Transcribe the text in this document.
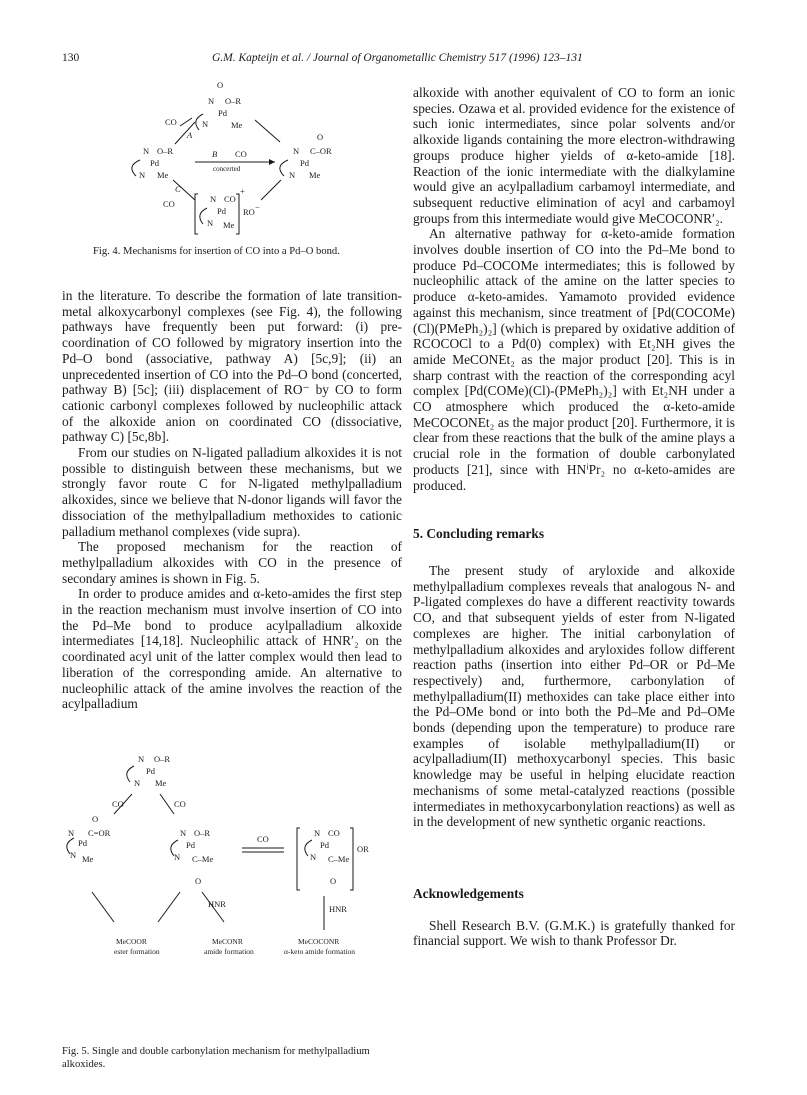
130	G.M. Kapteijn et al. / Journal of Organometallic Chemistry 517 (1996) 123–131
O
N
Pd
O–R
N	Me
CO
A
N O–R
Pd
N Me
B CO
concerted
O
N C–OR
Pd
N Me
C
CO	N CO
Pd
N Me
+
RO −
Fig. 4. Mechanisms for insertion of CO into a Pd–O bond.

in the literature. To describe the formation of late transition-metal alkoxycarbonyl complexes (see Fig. 4), the following pathways have frequently been put forward: (i) pre-coordination of CO followed by migratory insertion into the Pd–O bond (associative, pathway A) [5c,9]; (ii) an unprecedented insertion of CO into the Pd–O bond (concerted, pathway B) [5c]; (iii) displacement of RO⁻ by CO to form cationic carbonyl complexes followed by nucleophilic attack of the alkoxide anion on coordinated CO (dissociative, pathway C) [5c,8b].

From our studies on N-ligated palladium alkoxides it is not possible to distinguish between these mechanisms, but we strongly favor route C for N-ligated methylpalladium alkoxides, since we believe that N-donor ligands will favor the dissociation of the methylpalladium methoxides to cationic palladium methanol complexes (vide supra).

The proposed mechanism for the reaction of methylpalladium alkoxides with CO in the presence of secondary amines is shown in Fig. 5.

In order to produce amides and α-keto-amides the first step in the reaction mechanism must involve insertion of CO into the Pd–Me bond to produce acylpalladium alkoxide intermediates [14,18]. Nucleophilic attack of HNR′₂ on the coordinated acyl unit of the latter complex would then lead to liberation of the corresponding amide. An alternative to nucleophilic attack of the amine involves the reaction of the acylpalladium

N O–R
Pd
N Me
CO	CO
O
N C=OR
Pd
N Me
N O–R
Pd
N C–Me
O
CO
N CO
Pd
N C–Me
O
OR
HNR	HNR
MeCOOR
ester formation
MeCONR
amide formation
MeCOCONR
α-keto amide formation
Fig. 5. Single and double carbonylation mechanism for methylpalladium alkoxides.

alkoxide with another equivalent of CO to form an ionic species. Ozawa et al. provided evidence for the existence of such ionic intermediates, since polar solvents and/or alkoxide ligands containing the more electron-withdrawing groups produce higher yields of α-keto-amide [18]. Reaction of the ionic intermediate with the dialkylamine would give an acylpalladium carbamoyl intermediate, and subsequent reductive elimination of acyl and carbamoyl groups from this intermediate would give MeCOCONR′₂.

An alternative pathway for α-keto-amide formation involves double insertion of CO into the Pd–Me bond to produce Pd–COCOMe intermediates; this is followed by nucleophilic attack of the amine on the latter species to produce α-keto-amides. Yamamoto provided evidence against this mechanism, since treatment of [Pd(COCOMe)(Cl)(PMePh₂)₂] (which is prepared by oxidative addition of RCOCOCl to a Pd(0) complex) with Et₂NH gives the amide MeCONEt₂ as the major product [20]. This is in sharp contrast with the reaction of the corresponding acyl complex [Pd(COMe)(Cl)-(PMePh₂)₂] with Et₂NH under a CO atmosphere which produced the α-keto-amide MeCOCONEt₂ as the major product [20]. Furthermore, it is clear from these reactions that the bulk of the amine plays a crucial role in the formation of double carbonylated products [21], since with HNⁱPr₂ no α-keto-amides are produced.

5. Concluding remarks

The present study of aryloxide and alkoxide methylpalladium complexes reveals that analogous N- and P-ligated complexes do have a different reactivity towards CO, and that subsequent yields of ester from N-ligated complexes are higher. The initial carbonylation of methylpalladium alkoxides and aryloxides follow different reaction paths (insertion into either Pd–OR or Pd–Me respectively) and, furthermore, carbonylation of methylpalladium(II) methoxides can take place either into the Pd–OMe bond or into both the Pd–Me and Pd–OMe bonds (depending upon the temperature) to produce rare examples of isolable methylpalladium(II) or acylpalladium(II) methoxycarbonyl species. This basic knowledge may be useful in helping elucidate reaction mechanisms of some metal-catalyzed reactions (possible intermediates in methoxycarbonylation reactions) as well as in the development of new synthetic organic reactions.

Acknowledgements

Shell Research B.V. (G.M.K.) is gratefully thanked for financial support. We wish to thank Professor Dr.
